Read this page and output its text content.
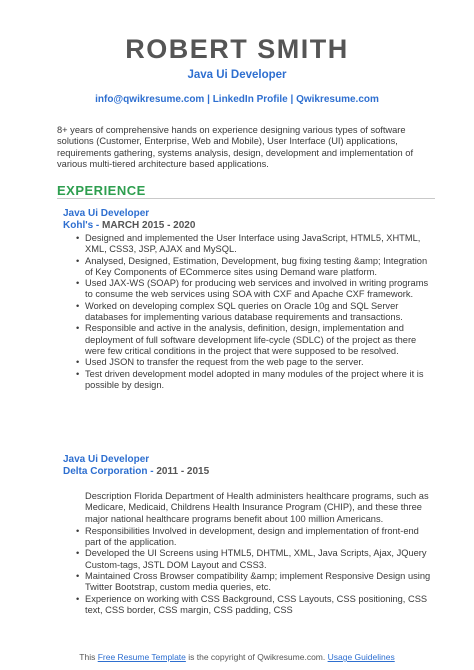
ROBERT SMITH
Java Ui Developer
info@qwikresume.com | LinkedIn Profile | Qwikresume.com
8+ years of comprehensive hands on experience designing various types of software solutions (Customer, Enterprise, Web and Mobile), User Interface (UI) applications, requirements gathering, systems analysis, design, development and implementation of various multi-tiered architecture based applications.
EXPERIENCE
Java Ui Developer
Kohl's - MARCH 2015 - 2020
• Designed and implemented the User Interface using JavaScript, HTML5, XHTML, XML, CSS3, JSP, AJAX and MySQL.
• Analysed, Designed, Estimation, Development, bug fixing testing &amp; Integration of Key Components of ECommerce sites using Demand ware platform.
• Used JAX-WS (SOAP) for producing web services and involved in writing programs to consume the web services using SOA with CXF and Apache CXF framework.
• Worked on developing complex SQL queries on Oracle 10g and SQL Server databases for implementing various database requirements and transactions.
• Responsible and active in the analysis, definition, design, implementation and deployment of full software development life-cycle (SDLC) of the project as there were few critical conditions in the project that were supposed to be resolved.
• Used JSON to transfer the request from the web page to the server.
• Test driven development model adopted in many modules of the project where it is possible by design.
Java Ui Developer
Delta Corporation - 2011 - 2015
Description Florida Department of Health administers healthcare programs, such as Medicare, Medicaid, Childrens Health Insurance Program (CHIP), and these three major national healthcare programs benefit about 100 million Americans.
• Responsibilities Involved in development, design and implementation of front-end part of the application.
• Developed the UI Screens using HTML5, DHTML, XML, Java Scripts, Ajax, JQuery Custom-tags, JSTL DOM Layout and CSS3.
• Maintained Cross Browser compatibility &amp; implement Responsive Design using Twitter Bootstrap, custom media queries, etc.
• Experience on working with CSS Background, CSS Layouts, CSS positioning, CSS text, CSS border, CSS margin, CSS padding, CSS
This Free Resume Template is the copyright of Qwikresume.com. Usage Guidelines
